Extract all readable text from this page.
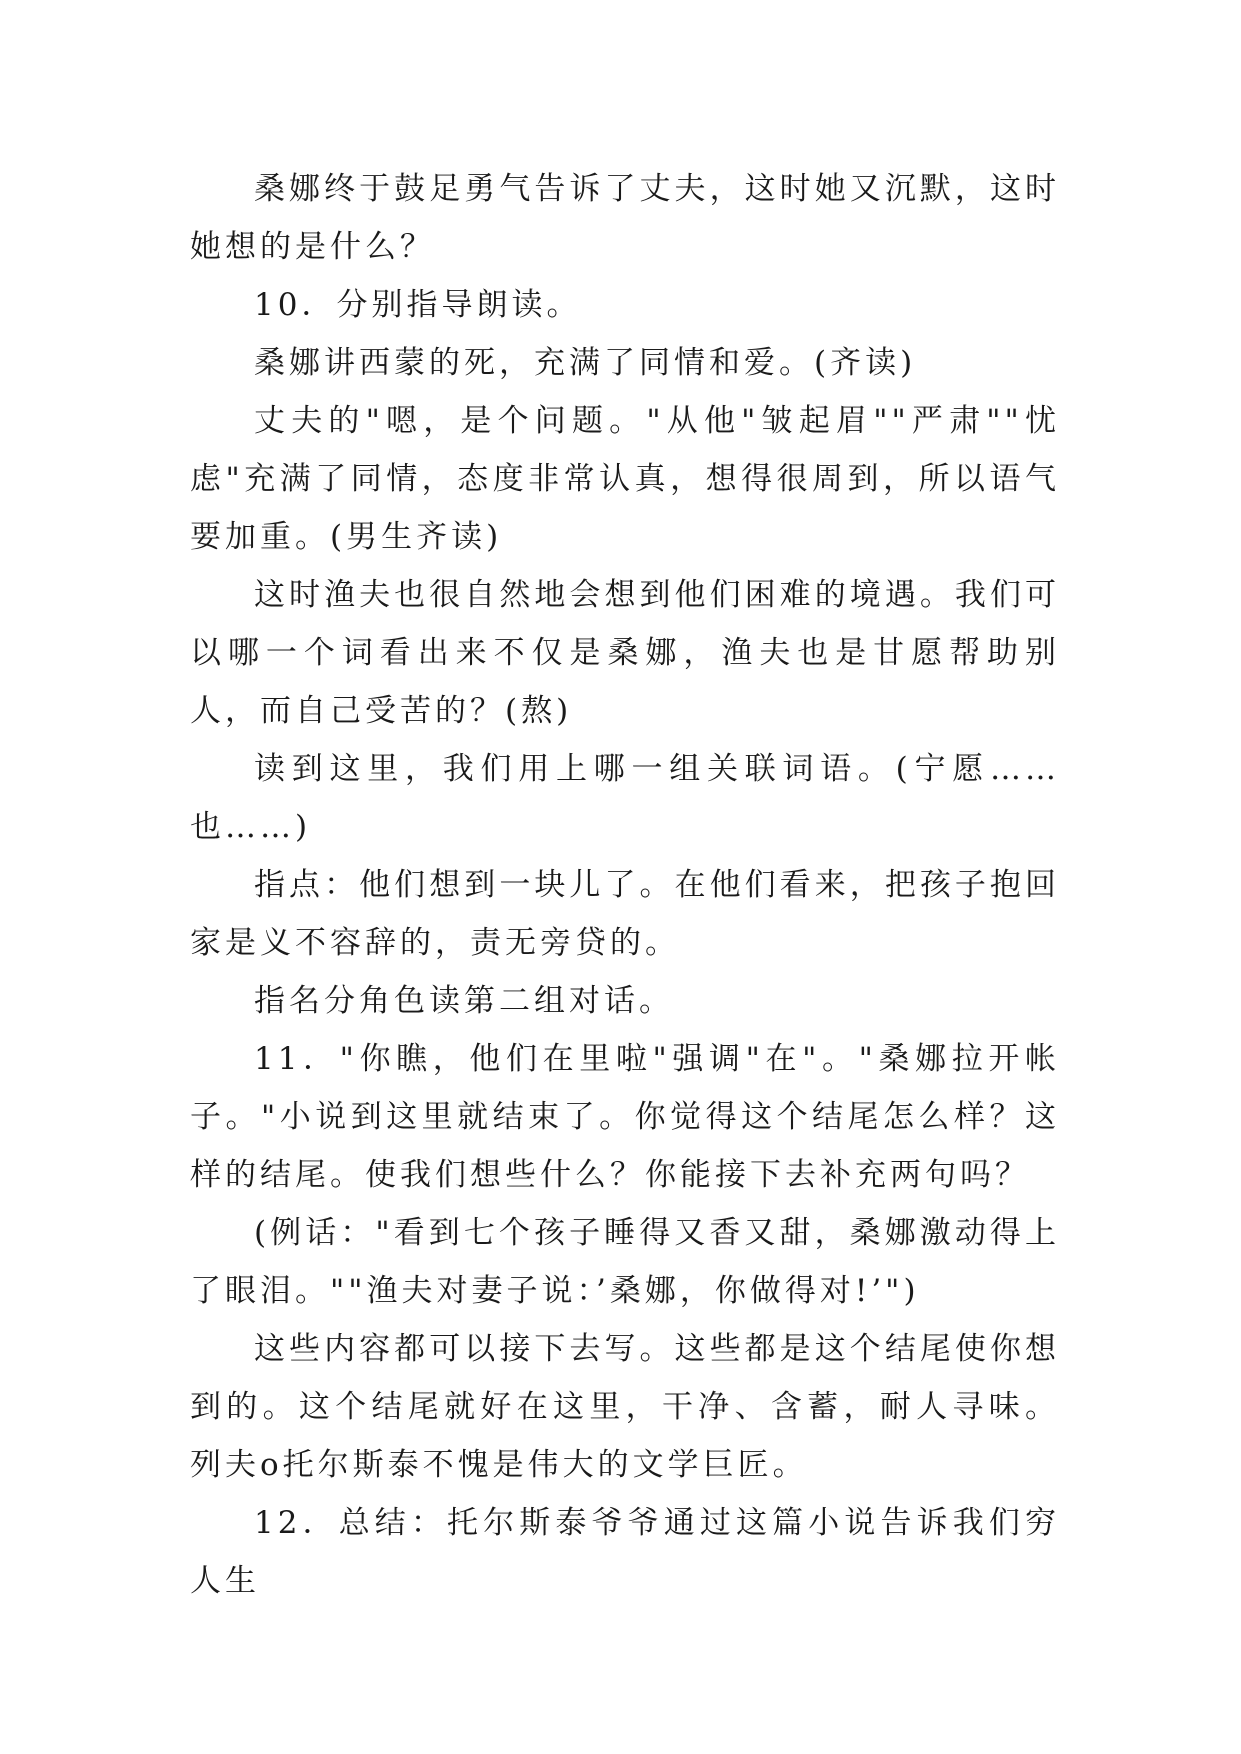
桑娜终于鼓足勇气告诉了丈夫，这时她又沉默，这时她想的是什么？

10．分别指导朗读。

桑娜讲西蒙的死，充满了同情和爱。(齐读)

丈夫的"嗯，是个问题。"从他"皱起眉""严肃""忧虑"充满了同情，态度非常认真，想得很周到，所以语气要加重。(男生齐读)

这时渔夫也很自然地会想到他们困难的境遇。我们可以哪一个词看出来不仅是桑娜，渔夫也是甘愿帮助别人，而自己受苦的？(熬)

读到这里，我们用上哪一组关联词语。(宁愿……也……)

指点：他们想到一块儿了。在他们看来，把孩子抱回家是义不容辞的，责无旁贷的。

指名分角色读第二组对话。

11．"你瞧，他们在里啦"强调"在"。"桑娜拉开帐子。"小说到这里就结束了。你觉得这个结尾怎么样？这样的结尾。使我们想些什么？你能接下去补充两句吗？

(例话："看到七个孩子睡得又香又甜，桑娜激动得上了眼泪。""渔夫对妻子说：’桑娜，你做得对!’")

这些内容都可以接下去写。这些都是这个结尾使你想到的。这个结尾就好在这里，干净、含蓄，耐人寻味。列夫o托尔斯泰不愧是伟大的文学巨匠。

12．总结：托尔斯泰爷爷通过这篇小说告诉我们穷人生
